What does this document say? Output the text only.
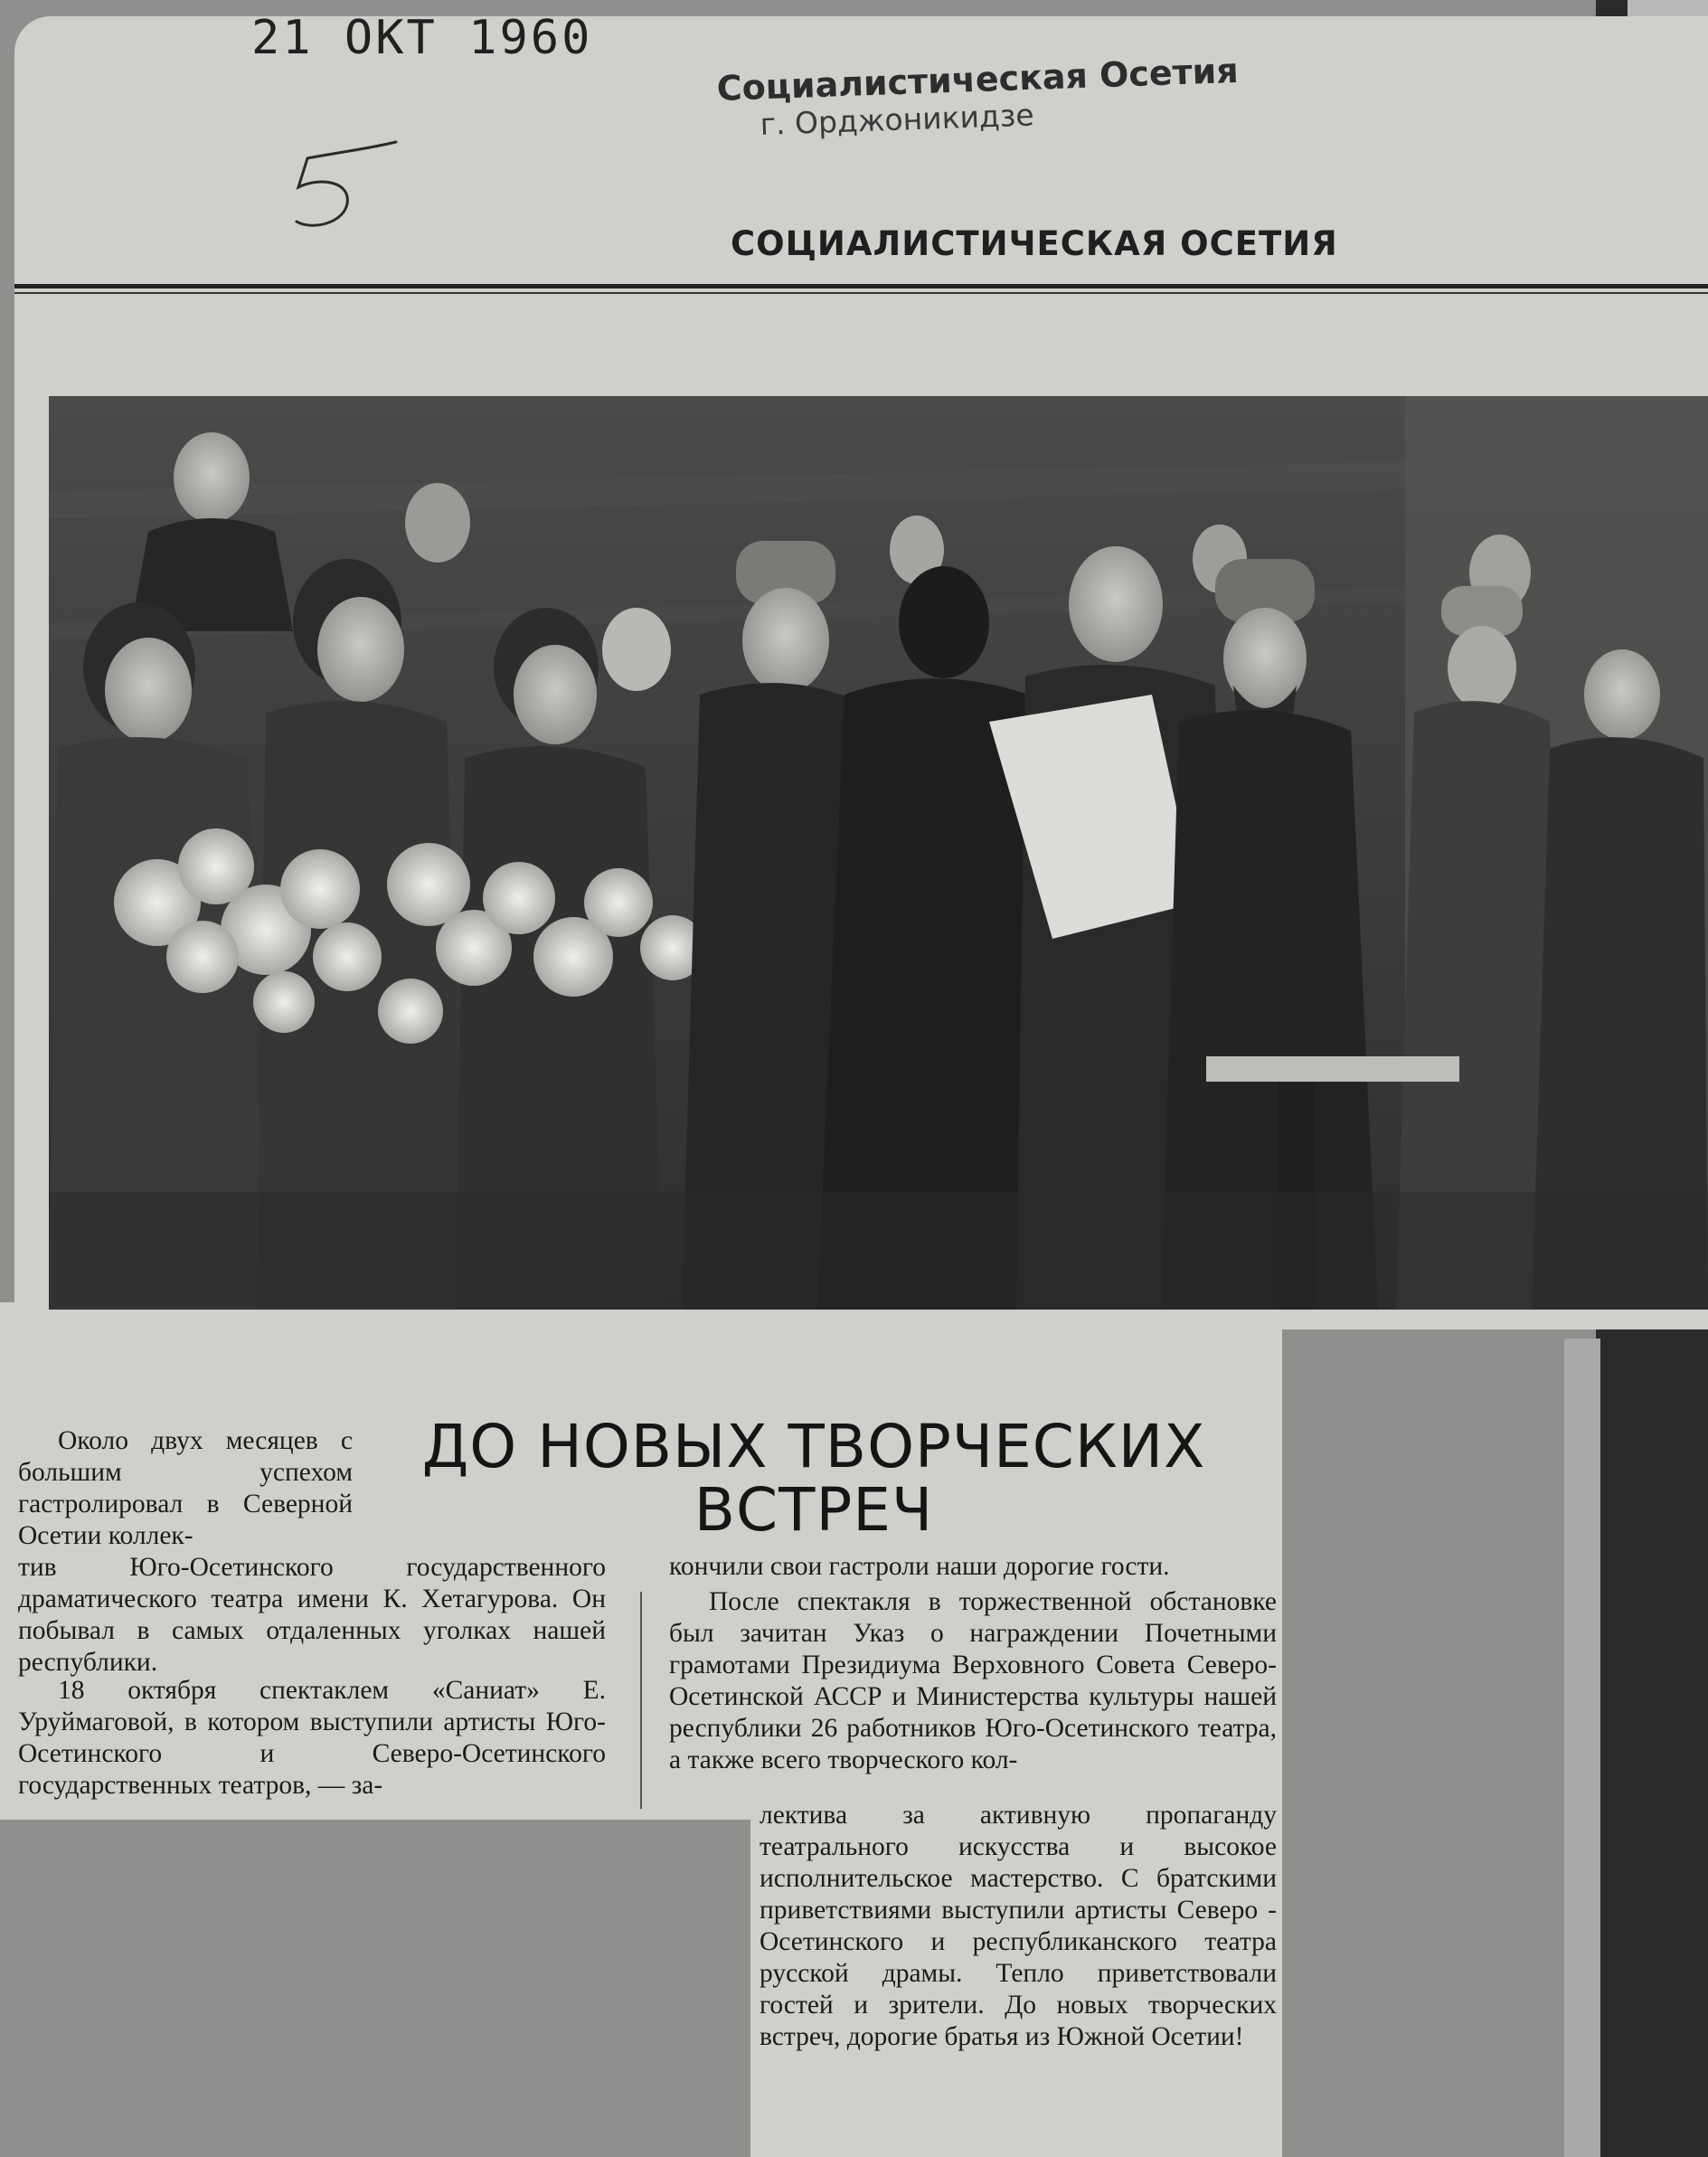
21 ОКТ 1960
Социалистическая Осетия
г. Орджоникидзе
СОЦИАЛИСТИЧЕСКАЯ ОСЕТИЯ
ДО НОВЫХ ТВОРЧЕСКИХ
ВСТРЕЧ

Около двух месяцев с большим успехом гастролировал в Северной Осетии коллек-

тив Юго-Осетинского государственного драматического театра имени К. Хетагурова. Он побывал в самых отдаленных уголках нашей республики.

18 октября спектаклем «Саниат» Е. Уруймаговой, в котором выступили артисты Юго-Осетинского и Северо-Осетинского государственных театров, — за-

кончили свои гастроли наши дорогие гости.

После спектакля в торжественной обстановке был зачитан Указ о награждении Почетными грамотами Президиума Верховного Совета Северо-Осетинской АССР и Министерства культуры нашей республики 26 работников Юго-Осетинского театра, а также всего творческого кол-

лектива за активную пропаганду театрального искусства и высокое исполнительское мастерство. С братскими приветствиями выступили артисты Северо - Осетинского и республиканского театра русской драмы. Тепло приветствовали гостей и зрители. До новых творческих встреч, дорогие братья из Южной Осетии!
